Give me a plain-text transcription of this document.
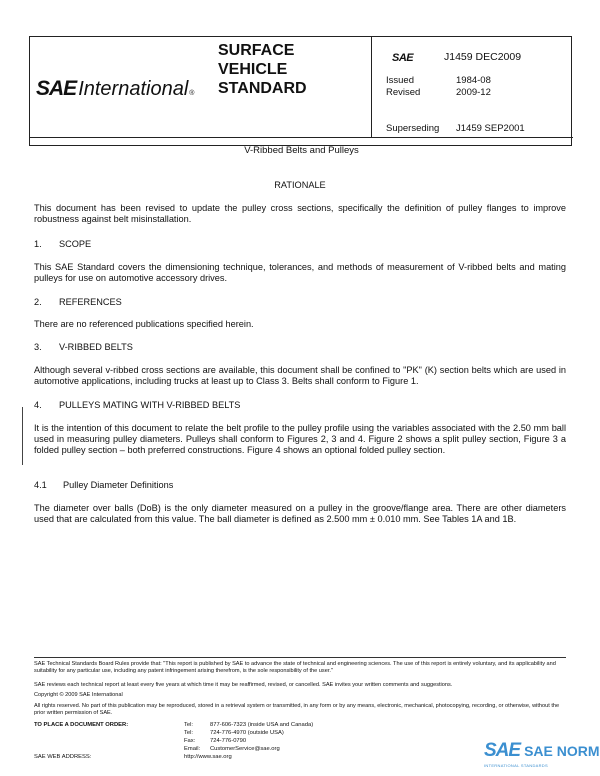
SAE International ®
SURFACE
VEHICLE
STANDARD
SAE	J1459 DEC2009
Issued	1984-08
Revised	2009-12
Superseding J1459 SEP2001
V-Ribbed Belts and Pulleys
RATIONALE
This document has been revised to update the pulley cross sections, specifically the definition of pulley flanges to improve robustness against belt misinstallation.
1. SCOPE
This SAE Standard covers the dimensioning technique, tolerances, and methods of measurement of V-ribbed belts and mating pulleys for use on automotive accessory drives.
2. REFERENCES
There are no referenced publications specified herein.
3. V-RIBBED BELTS
Although several v-ribbed cross sections are available, this document shall be confined to "PK" (K) section belts which are used in automotive applications, including trucks at least up to Class 3. Belts shall conform to Figure 1.
4. PULLEYS MATING WITH V-RIBBED BELTS
It is the intention of this document to relate the belt profile to the pulley profile using the variables associated with the 2.50 mm ball used in measuring pulley diameters. Pulleys shall conform to Figures 2, 3 and 4. Figure 2 shows a split pulley section, Figure 3 a folded pulley section – both preferred constructions. Figure 4 shows an optional folded pulley section.
4.1 Pulley Diameter Definitions
The diameter over balls (DoB) is the only diameter measured on a pulley in the groove/flange area. There are other diameters used that are calculated from this value. The ball diameter is defined as 2.500 mm ± 0.010 mm. See Tables 1A and 1B.
SAE Technical Standards Board Rules provide that: "This report is published by SAE to advance the state of technical and engineering sciences. The use of this report is entirely voluntary, and its applicability and suitability for any particular use, including any patent infringement arising therefrom, is the sole responsibility of the user."
SAE reviews each technical report at least every five years at which time it may be reaffirmed, revised, or cancelled. SAE invites your written comments and suggestions.
Copyright © 2009 SAE International
All rights reserved. No part of this publication may be reproduced, stored in a retrieval system or transmitted, in any form or by any means, electronic, mechanical, photocopying, recording, or otherwise, without the prior written permission of SAE.
TO PLACE A DOCUMENT ORDER:	Tel:	877-606-7323 (inside USA and Canada)
Tel:	724-776-4970 (outside USA)
Fax:	724-776-0790
Email: CustomerService@sae.org
SAE WEB ADDRESS:	http://www.sae.org	SAE SAE NORM
INTERNATIONAL STANDARDS
